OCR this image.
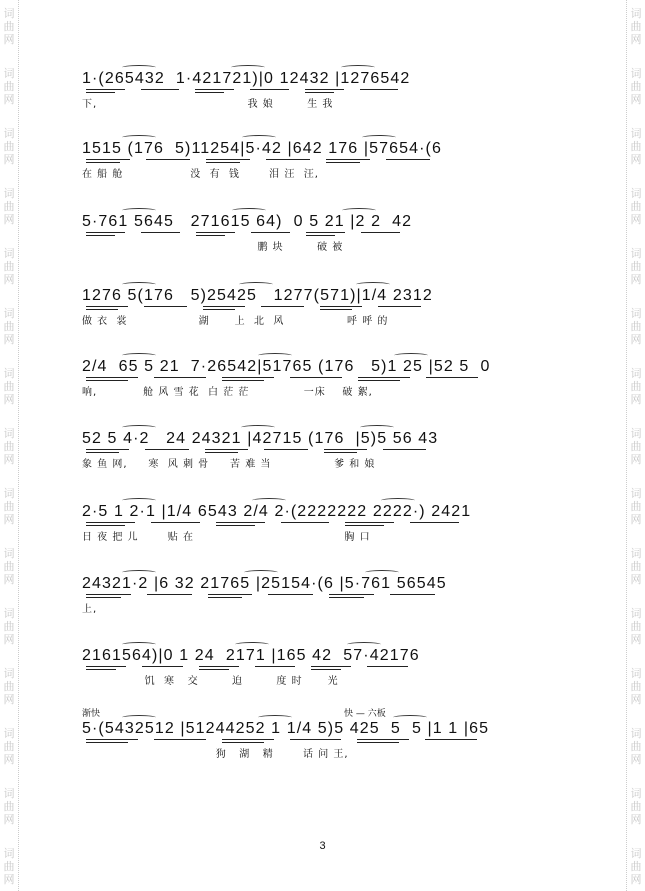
词
曲
网
词
曲
网
词
曲
网
词
曲
网
词
曲
网
词
曲
网
词
曲
网
词
曲
网
词
曲
网
词
曲
网
词
曲
网
词
曲
网
词
曲
网
词
曲
网
词
曲
网
词
曲
网
词
曲
网
词
曲
网
词
曲
网
词
曲
网
词
曲
网
词
曲
网
词
曲
网
词
曲
网
词
曲
网
词
曲
网
词
曲
网
词
曲
网
词
曲
网
词
曲
网
1·(265432  1·421721)|0 12432 |1276542
下,                                    我 娘        生 我
1515 (176  5)11254|5·42 |642 176 |57654·(6
在 船 舱                没  有  钱       泪 汪  汪,
5·761 5645   271615 64)  0 5 21 |2 2  42
鹏 块        破 被
1276 5(176   5)25425   1277(571)|1/4 2312
做 衣  裳                 湖      上  北  风               呼 呼 的
2/4  65 5 21  7·26542|51765 (176   5)1 25 |52 5  0
响,           舱 风 雪 花  白 茫 茫             一床    破 絮,
52 5 4·2   24 24321 |42715 (176  |5)5 56 43
象 鱼 网,     寒  风 刺 骨     苦 难 当               爹 和 娘
2·5 1 2·1 |1/4 6543 2/4 2·(2222222 2222·) 2421
日 夜 把 儿       贴 在                                    胸 口
24321·2 |6 32 21765 |25154·(6 |5·761 56545
上,
2161564)|0 1 24  2171 |165 42  57·42176
饥  寒   交        迫        度 时      光
渐快	快 — 六板
5·(5432512 |51244252 1 1/4 5)5 425  5  5 |1 1 |65
狗   湖   精       话 问 王,
3
